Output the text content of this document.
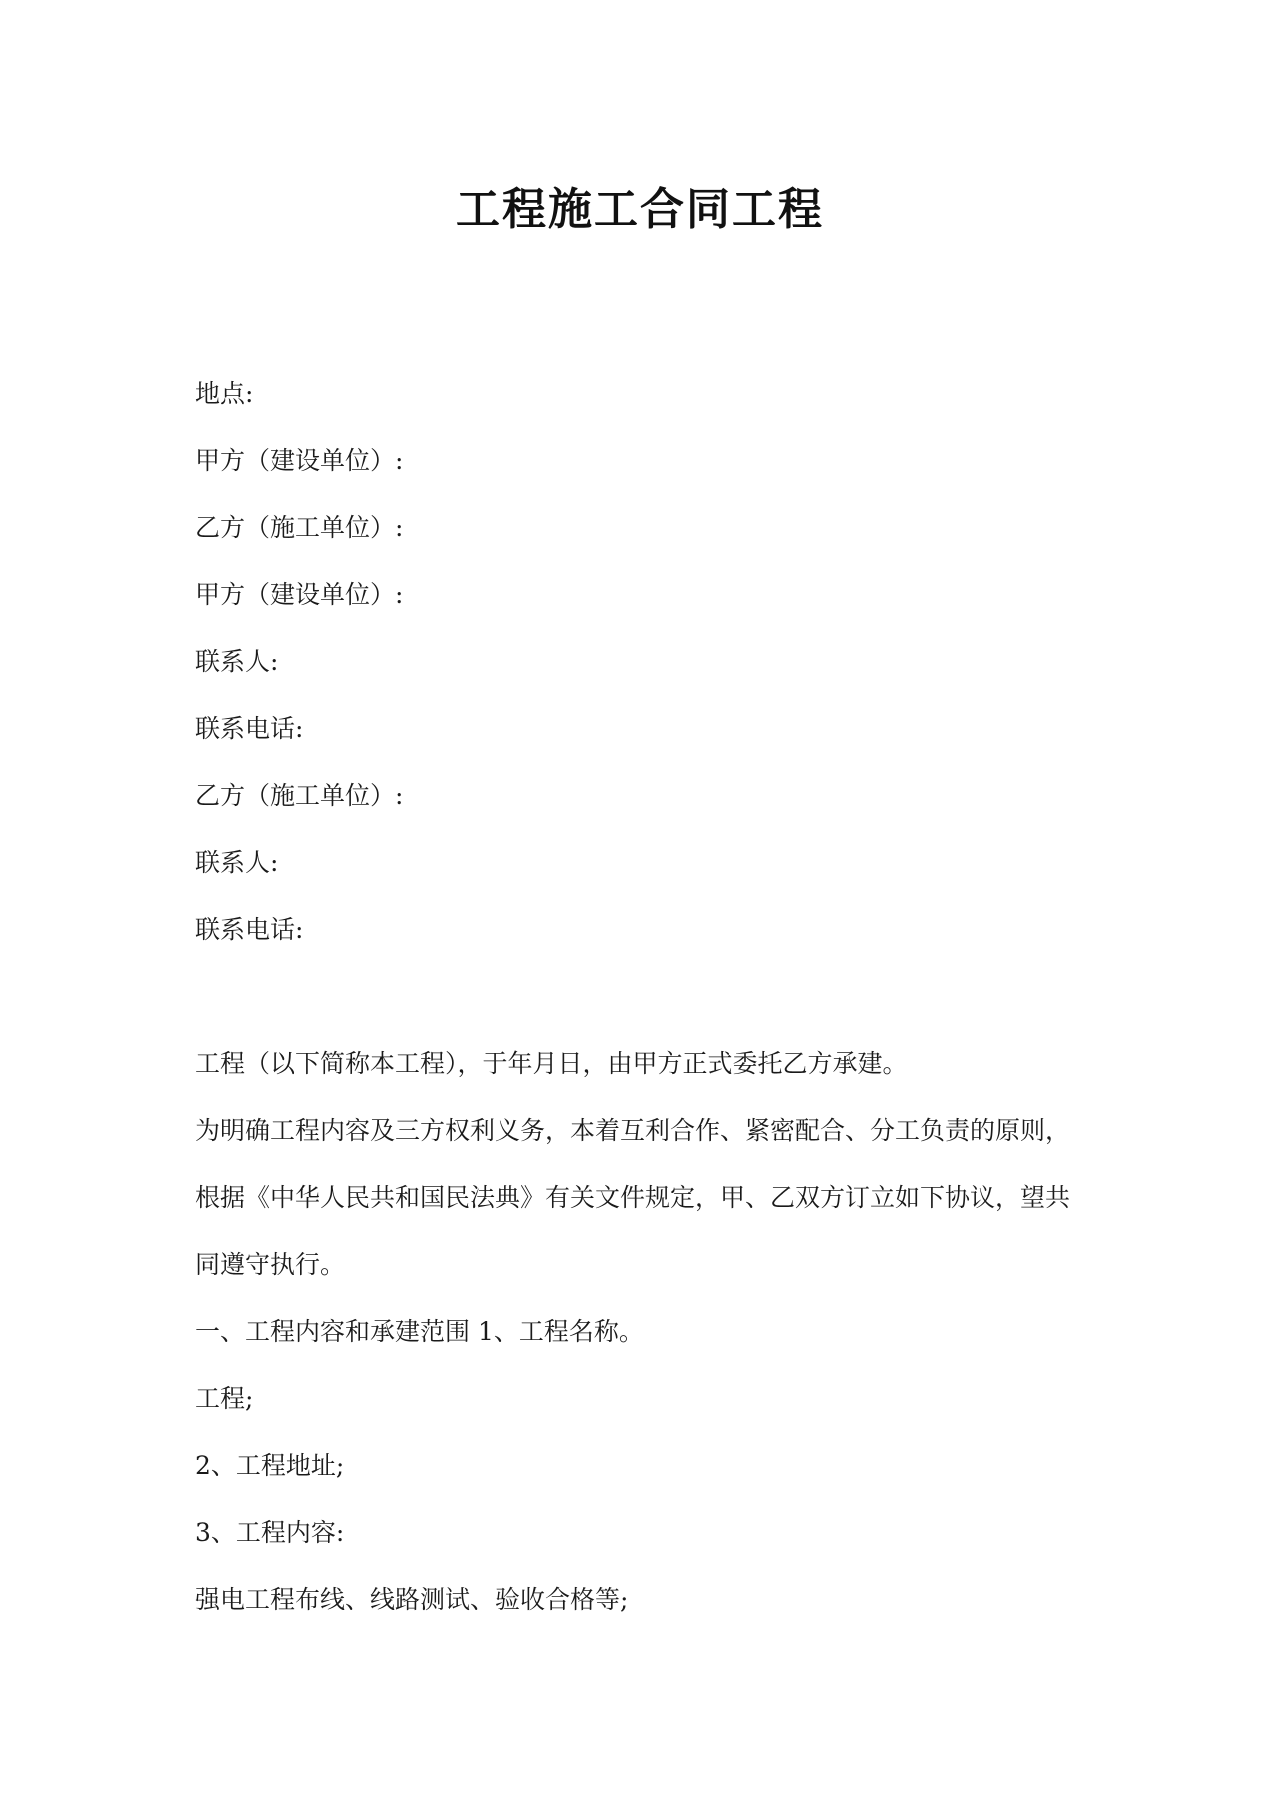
工程施工合同工程
地点:
甲方（建设单位）:
乙方（施工单位）:
甲方（建设单位）:
联系人:
联系电话:
乙方（施工单位）:
联系人:
联系电话:
工程（以下简称本工程），于年月日，由甲方正式委托乙方承建。
为明确工程内容及三方权利义务，本着互利合作、紧密配合、分工负责的原则，
根据《中华人民共和国民法典》有关文件规定，甲、乙双方订立如下协议，望共
同遵守执行。
一、工程内容和承建范围 1、工程名称。
工程;
2、工程地址;
3、工程内容:
强电工程布线、线路测试、验收合格等;
